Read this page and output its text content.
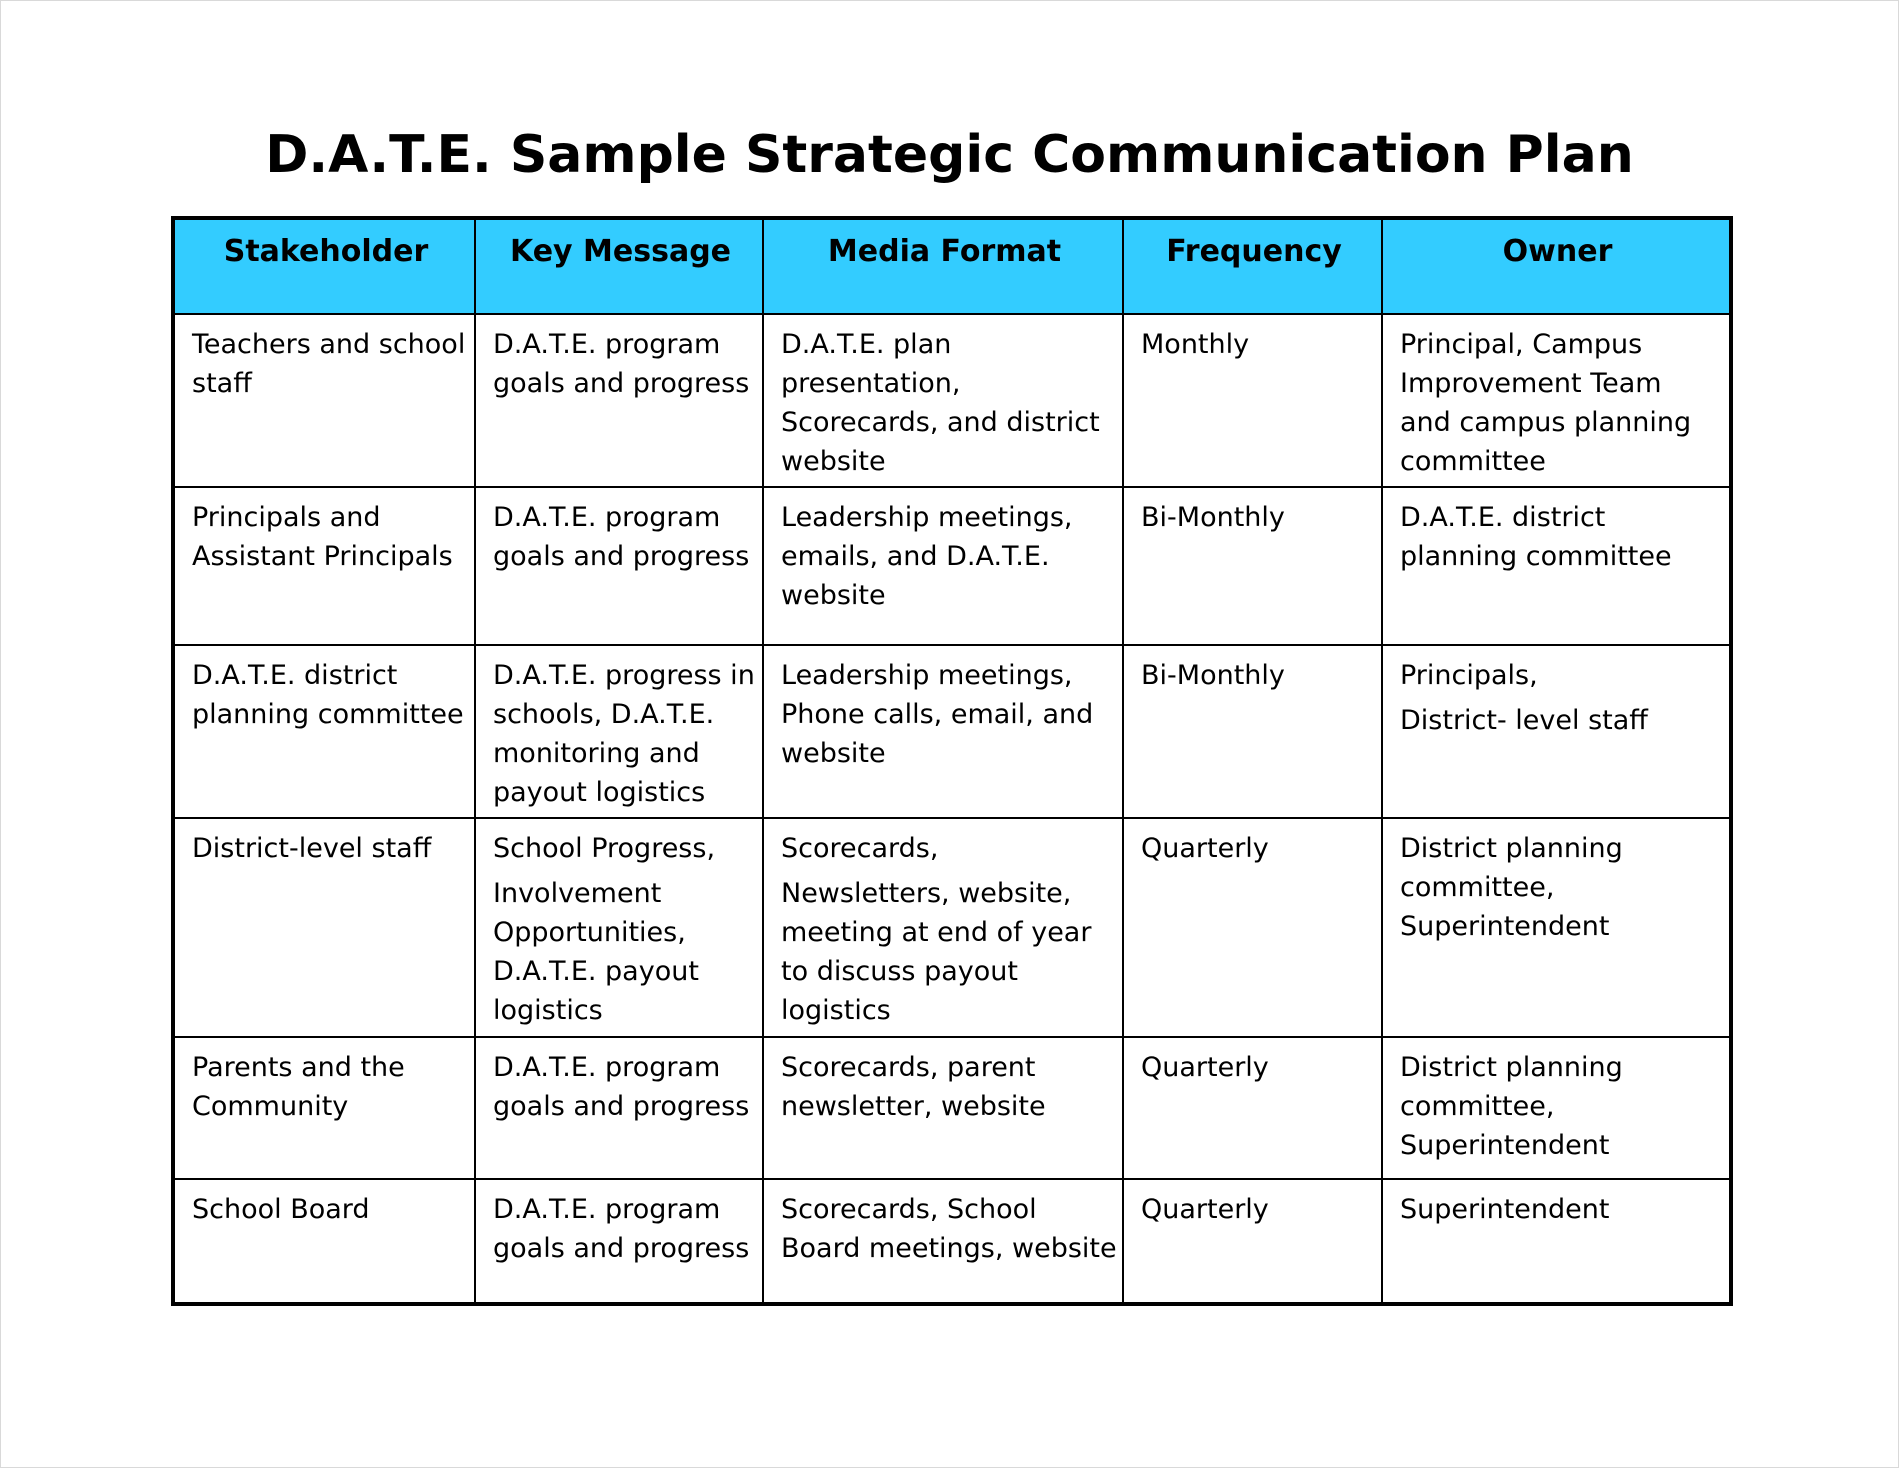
D.A.T.E. Sample Strategic Communication Plan
Stakeholder	Key Message	Media Format	Frequency	Owner

Teachers and school
staff	D.A.T.E. program
goals and progress	D.A.T.E. plan
presentation,
Scorecards, and district
website	Monthly	Principal, Campus
Improvement Team
and campus planning
committee

Principals and
Assistant Principals	D.A.T.E. program
goals and progress	Leadership meetings,
emails, and D.A.T.E.
website	Bi-Monthly	D.A.T.E. district
planning committee

D.A.T.E. district
planning committee	D.A.T.E. progress in
schools, D.A.T.E.
monitoring and
payout logistics	Leadership meetings,
Phone calls, email, and
website	Bi-Monthly	Principals,
District- level staff

District-level staff	School Progress,
Involvement
Opportunities,
D.A.T.E. payout
logistics	Scorecards,
Newsletters, website,
meeting at end of year
to discuss payout
logistics	Quarterly	District planning
committee,
Superintendent

Parents and the
Community	D.A.T.E. program
goals and progress	Scorecards, parent
newsletter, website	Quarterly	District planning
committee,
Superintendent

School Board	D.A.T.E. program
goals and progress	Scorecards, School
Board meetings, website	Quarterly	Superintendent
